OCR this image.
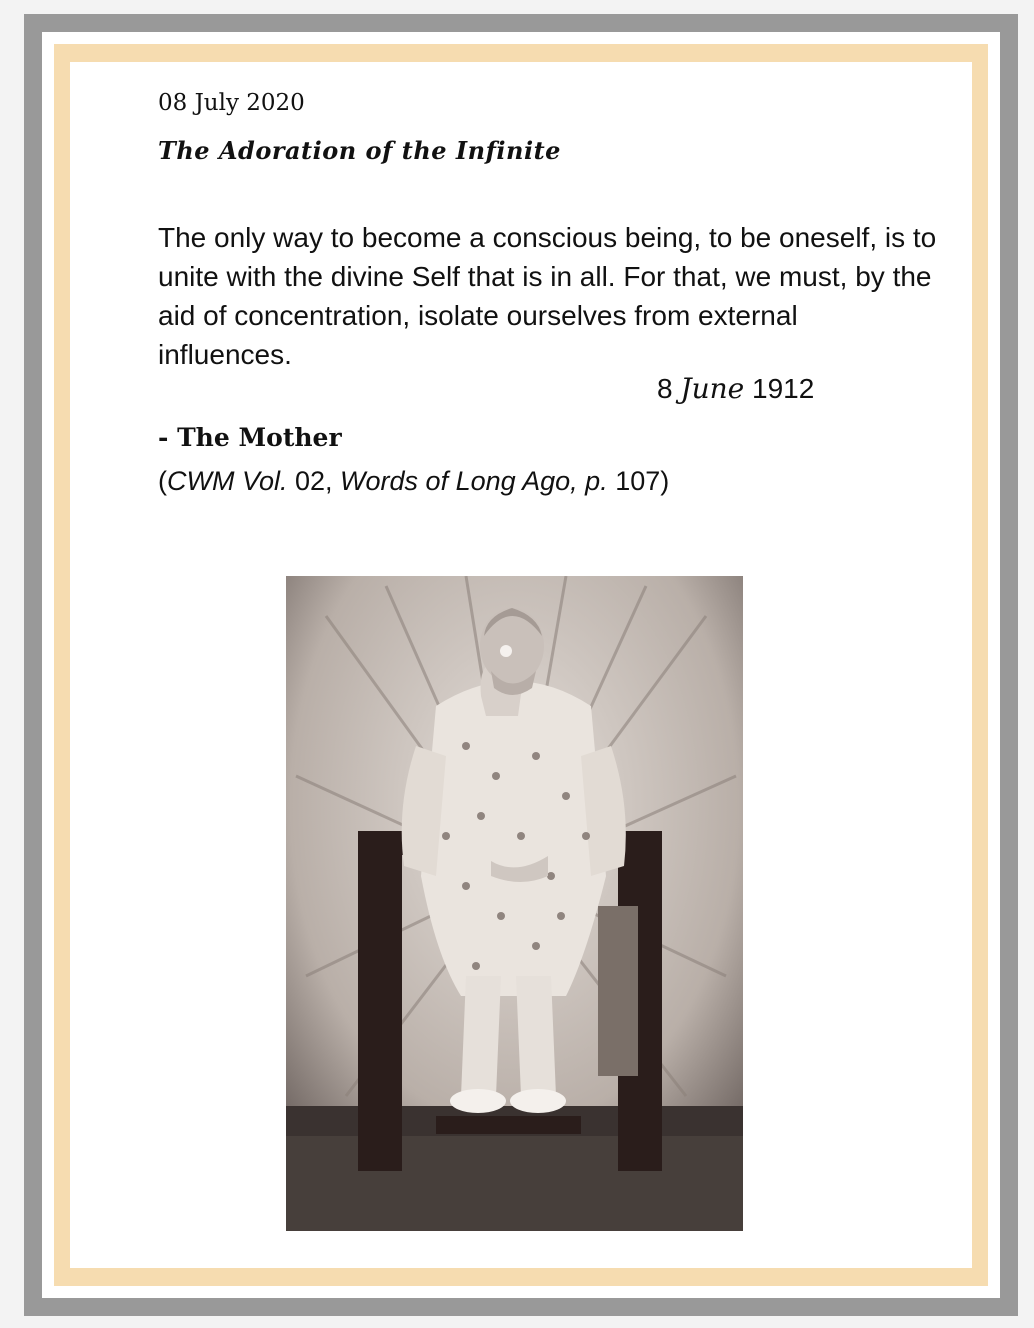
08 July 2020
The Adoration of the Infinite

The only way to become a conscious being, to be oneself, is to unite with the divine Self that is in all. For that, we must, by the aid of concentration, isolate ourselves from external influences.

8 June 1912
- The Mother
(CWM Vol. 02, Words of Long Ago, p. 107)
